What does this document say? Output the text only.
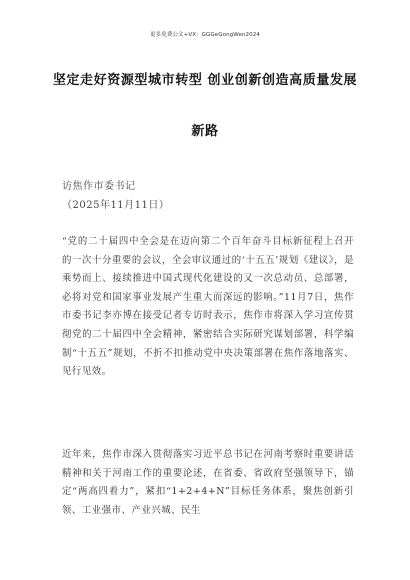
更多免费公文+VX：GGGeGongWen2024
坚定走好资源型城市转型 创业创新创造高质量发展
新路
访焦作市委书记
（2025年11月11日）

“党的二十届四中全会是在迈向第二个百年奋斗目标新征程上召开的一次十分重要的会议，全会审议通过的‘十五五’规划《建议》，是乘势而上、接续推进中国式现代化建设的又一次总动员、总部署，必将对党和国家事业发展产生重大而深远的影响。”11月7日，焦作市委书记李亦博在接受记者专访时表示，焦作市将深入学习宣传贯彻党的二十届四中全会精神，紧密结合实际研究谋划部署，科学编制“十五五”规划，不折不扣推动党中央决策部署在焦作落地落实、见行见效。

近年来，焦作市深入贯彻落实习近平总书记在河南考察时重要讲话精神和关于河南工作的重要论述，在省委、省政府坚强领导下，锚定“两高四着力”，紧扣“1+2+4+N”目标任务体系，聚焦创新引领、工业强市、产业兴城、民生
